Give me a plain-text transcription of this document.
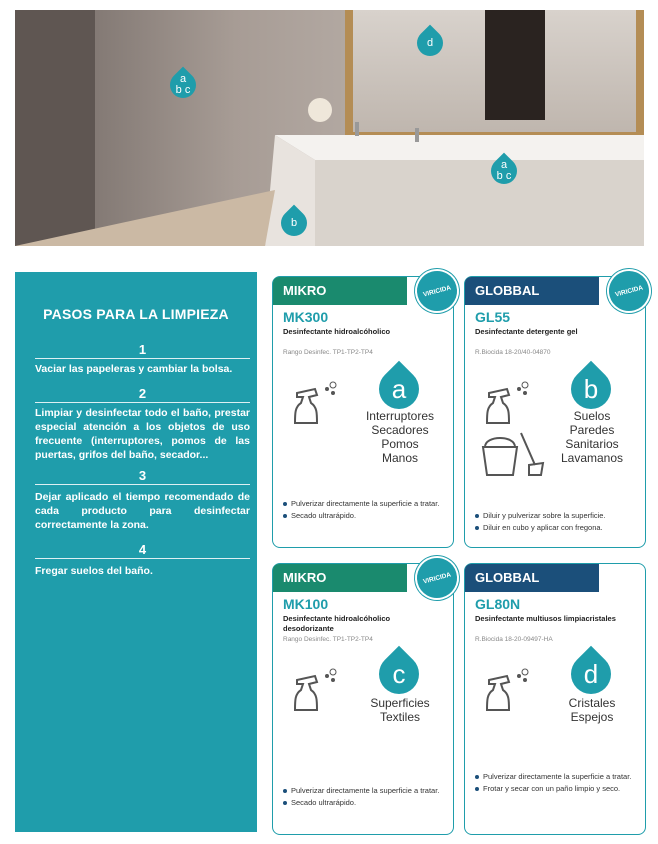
a
b c
d
a
b c
b
PASOS PARA LA LIMPIEZA
1
Vaciar las papeleras y cambiar la bolsa.
2
Limpiar y desinfectar todo el baño, prestar especial atención a los objetos de uso frecuente (interruptores, pomos de las puertas, grifos del baño, secador...
3
Dejar aplicado el tiempo recomendado de cada producto para desinfectar correctamente la zona.
4
Fregar suelos del baño.
MIKRO	VIRICIDA
MK300
Desinfectante hidroalcóholico
Rango Desinfec. TP1-TP2-TP4
a
Interruptores
Secadores
Pomos
Manos
Pulverizar directamente la superficie a tratar.
Secado ultrarápido.
GLOBBAL	VIRICIDA
GL55
Desinfectante detergente gel
R.Biocida 18-20/40-04870
b
Suelos
Paredes
Sanitarios
Lavamanos
Diluir y pulverizar sobre la superficie.
Diluir en cubo y aplicar con fregona.
MIKRO	VIRICIDA
MK100
Desinfectante hidroalcóholico desodorizante
Rango Desinfec. TP1-TP2-TP4
c
Superficies
Textiles
Pulverizar directamente la superficie a tratar.
Secado ultrarápido.
GLOBBAL
GL80N
Desinfectante multiusos limpiacristales
R.Biocida 18-20-09497-HA
d
Cristales
Espejos
Pulverizar directamente la superficie a tratar.
Frotar y secar con un paño limpio y seco.
